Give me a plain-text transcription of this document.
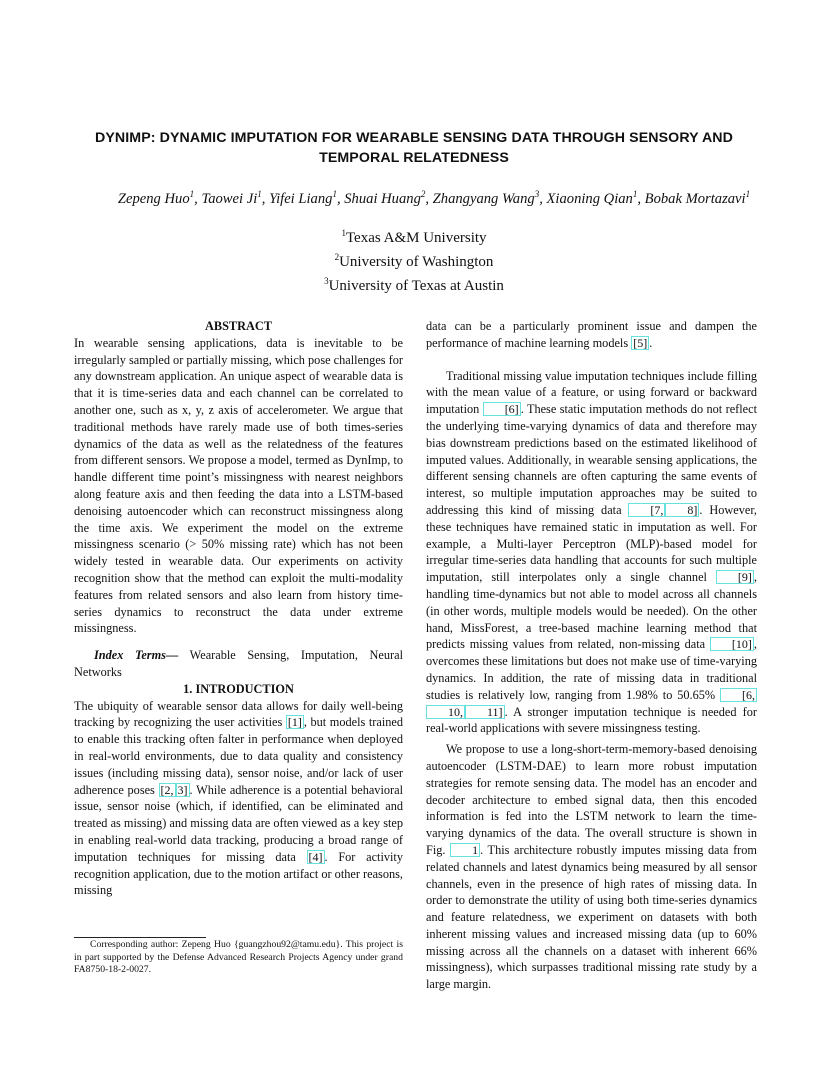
DYNIMP: DYNAMIC IMPUTATION FOR WEARABLE SENSING DATA THROUGH SENSORY AND TEMPORAL RELATEDNESS
Zepeng Huo$^1$, Taowei Ji$^1$, Yifei Liang$^1$, Shuai Huang$^2$, Zhangyang Wang$^3$, Xiaoning Qian$^1$, Bobak Mortazavi$^1$
$^1$Texas A&M University
$^2$University of Washington
$^3$University of Texas at Austin

ABSTRACT

In wearable sensing applications, data is inevitable to be irregularly sampled or partially missing, which pose challenges for any downstream application. An unique aspect of wearable data is that it is time-series data and each channel can be correlated to another one, such as x, y, z axis of accelerometer. We argue that traditional methods have rarely made use of both times-series dynamics of the data as well as the relatedness of the features from different sensors. We propose a model, termed as DynImp, to handle different time point’s missingness with nearest neighbors along feature axis and then feeding the data into a LSTM-based denoising autoencoder which can reconstruct missingness along the time axis. We experiment the model on the extreme missingness scenario (> 50% missing rate) which has not been widely tested in wearable data. Our experiments on activity recognition show that the method can exploit the multi-modality features from related sensors and also learn from history time-series dynamics to reconstruct the data under extreme missingness.

Index Terms— Wearable Sensing, Imputation, Neural Networks

1. INTRODUCTION

The ubiquity of wearable sensor data allows for daily well-being tracking by recognizing the user activities [1] , but models trained to enable this tracking often falter in performance when deployed in real-world environments, due to data quality and consistency issues (including missing data), sensor noise, and/or lack of user adherence poses [2, 3] . While adherence is a potential behavioral issue, sensor noise (which, if identified, can be eliminated and treated as missing) and missing data are often viewed as a key step in enabling real-world data tracking, producing a broad range of imputation techniques for missing data [4] . For activity recognition application, due to the motion artifact or other reasons, missing

data can be a particularly prominent issue and dampen the performance of machine learning models [5] .

Traditional missing value imputation techniques include filling with the mean value of a feature, or using forward or backward imputation [6] . These static imputation methods do not reflect the underlying time-varying dynamics of data and therefore may bias downstream predictions based on the estimated likelihood of imputed values. Additionally, in wearable sensing applications, the different sensing channels are often capturing the same events of interest, so multiple imputation approaches may be suited to addressing this kind of missing data [7, 8] . However, these techniques have remained static in imputation as well. For example, a Multi-layer Perceptron (MLP)-based model for irregular time-series data handling that accounts for such multiple imputation, still interpolates only a single channel [9] , handling time-dynamics but not able to model across all channels (in other words, multiple models would be needed). On the other hand, MissForest, a tree-based machine learning method that predicts missing values from related, non-missing data [10] , overcomes these limitations but does not make use of time-varying dynamics. In addition, the rate of missing data in traditional studies is relatively low, ranging from 1.98% to 50.65% [6,10, 11] . A stronger imputation technique is needed for real-world applications with severe missingness testing.

We propose to use a long-short-term-memory-based denoising autoencoder (LSTM-DAE) to learn more robust imputation strategies for remote sensing data. The model has an encoder and decoder architecture to embed signal data, then this encoded information is fed into the LSTM network to learn the time-varying dynamics of the data. The overall structure is shown in Fig. 1 . This architecture robustly imputes missing data from related channels and latest dynamics being measured by all sensor channels, even in the presence of high rates of missing data. In order to demonstrate the utility of using both time-series dynamics and feature relatedness, we experiment on datasets with both inherent missing values and increased missing data (up to 60% missing across all the channels on a dataset with inherent 66% missingness), which surpasses traditional missing rate study by a large margin.

Corresponding author: Zepeng Huo {guangzhou92@tamu.edu}. This project is in part supported by the Defense Advanced Research Projects Agency under grand FA8750-18-2-0027.
